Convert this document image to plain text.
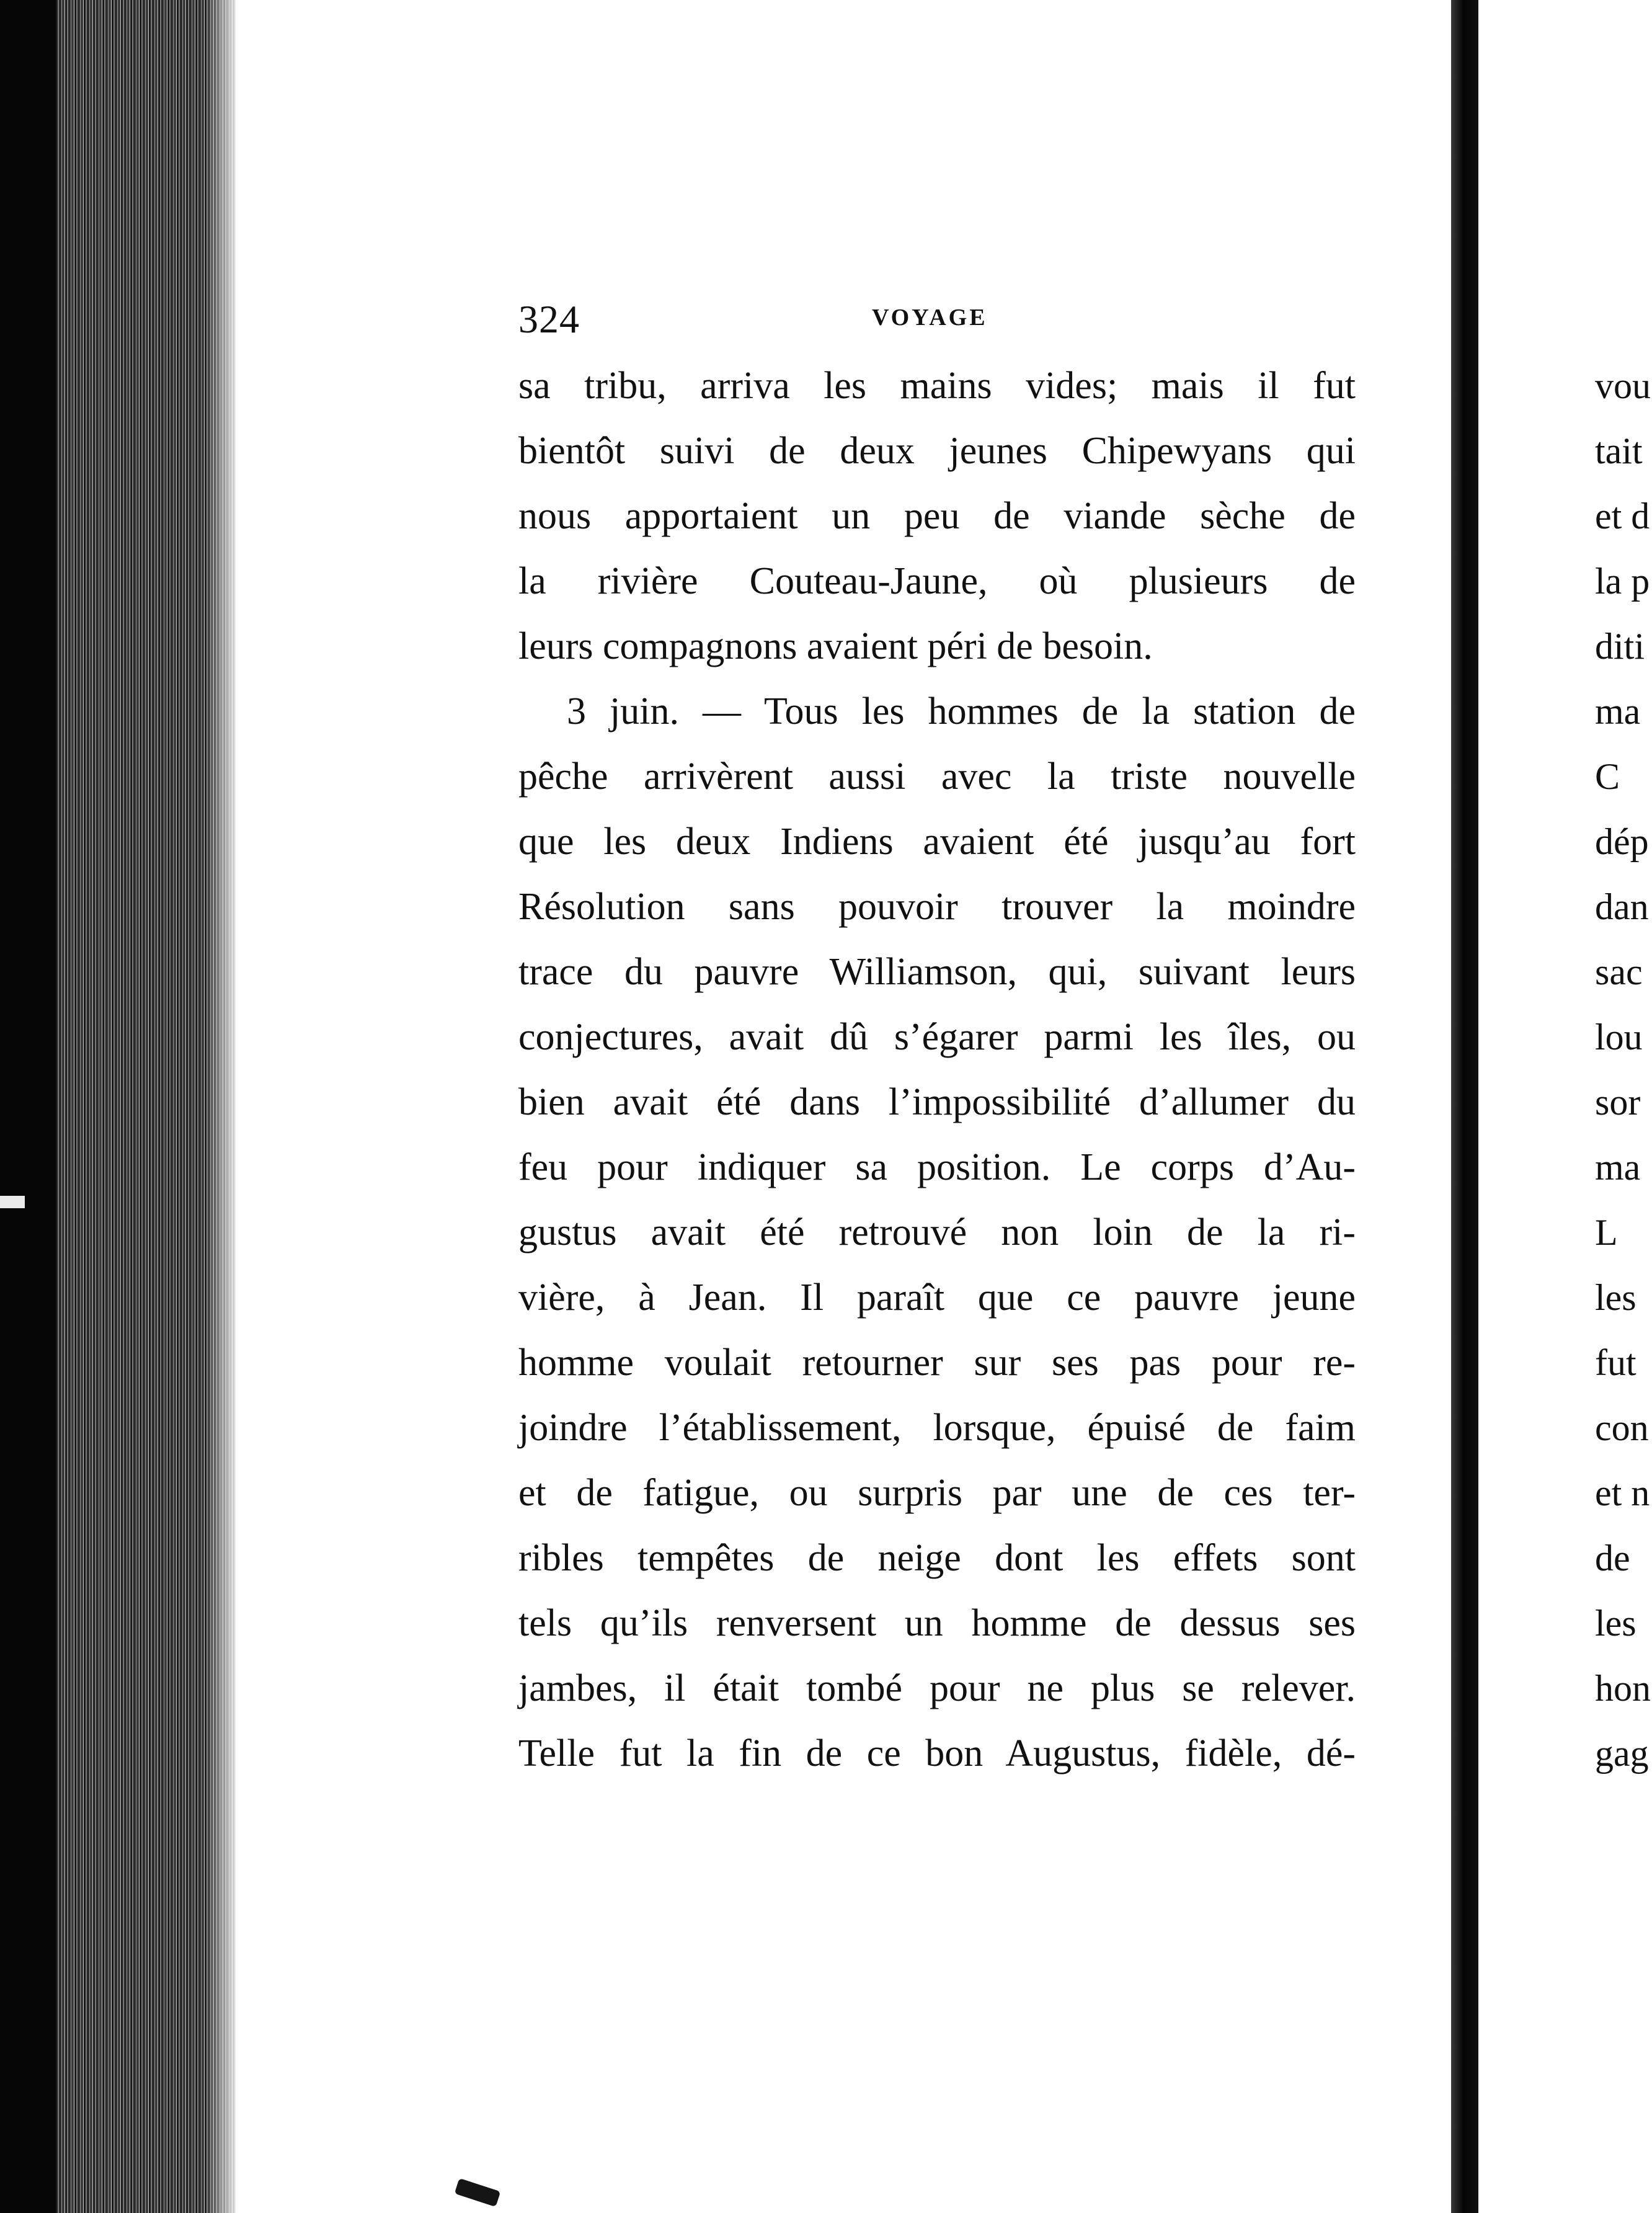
324	VOYAGE
sa tribu, arriva les mains vides; mais il fut
bientôt suivi de deux jeunes Chipewyans qui
nous apportaient un peu de viande sèche de
la rivière Couteau-Jaune, où plusieurs de
leurs compagnons avaient péri de besoin.
3 juin. — Tous les hommes de la station de
pêche arrivèrent aussi avec la triste nouvelle
que les deux Indiens avaient été jusqu’au fort
Résolution sans pouvoir trouver la moindre
trace du pauvre Williamson, qui, suivant leurs
conjectures, avait dû s’égarer parmi les îles, ou
bien avait été dans l’impossibilité d’allumer du
feu pour indiquer sa position. Le corps d’Au-
gustus avait été retrouvé non loin de la ri-
vière, à Jean. Il paraît que ce pauvre jeune
homme voulait retourner sur ses pas pour re-
joindre l’établissement, lorsque, épuisé de faim
et de fatigue, ou surpris par une de ces ter-
ribles tempêtes de neige dont les effets sont
tels qu’ils renversent un homme de dessus ses
jambes, il était tombé pour ne plus se relever.
Telle fut la fin de ce bon Augustus, fidèle, dé-
vou
tait
et d
la p
diti
ma
C
dép
dan
sac
lou
sor
ma
L
les
fut
con
et n
de
les
hon
gag
